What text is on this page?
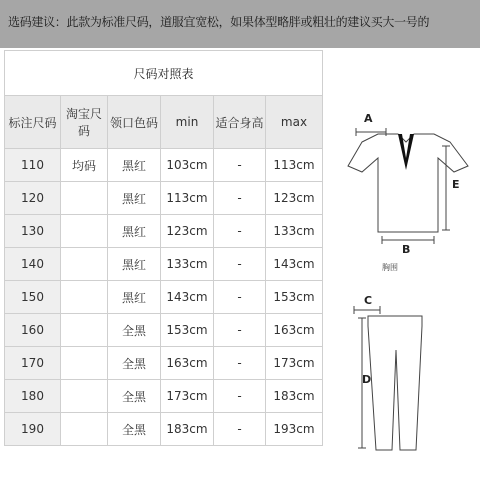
选码建议：此款为标准尺码，道服宜宽松，如果体型略胖或粗壮的建议买大一号的
尺码对照表					
标注尺码	淘宝尺码	领口色码	min	适合身高	max
110	均码	黑红	103cm	-	113cm
120		黑红	113cm	-	123cm
130		黑红	123cm	-	133cm
140		黑红	133cm	-	143cm
150		黑红	143cm	-	153cm
160		全黑	153cm	-	163cm
170		全黑	163cm	-	173cm
180		全黑	173cm	-	183cm
190		全黑	183cm	-	193cm
A
B
E
胸围
C
D
